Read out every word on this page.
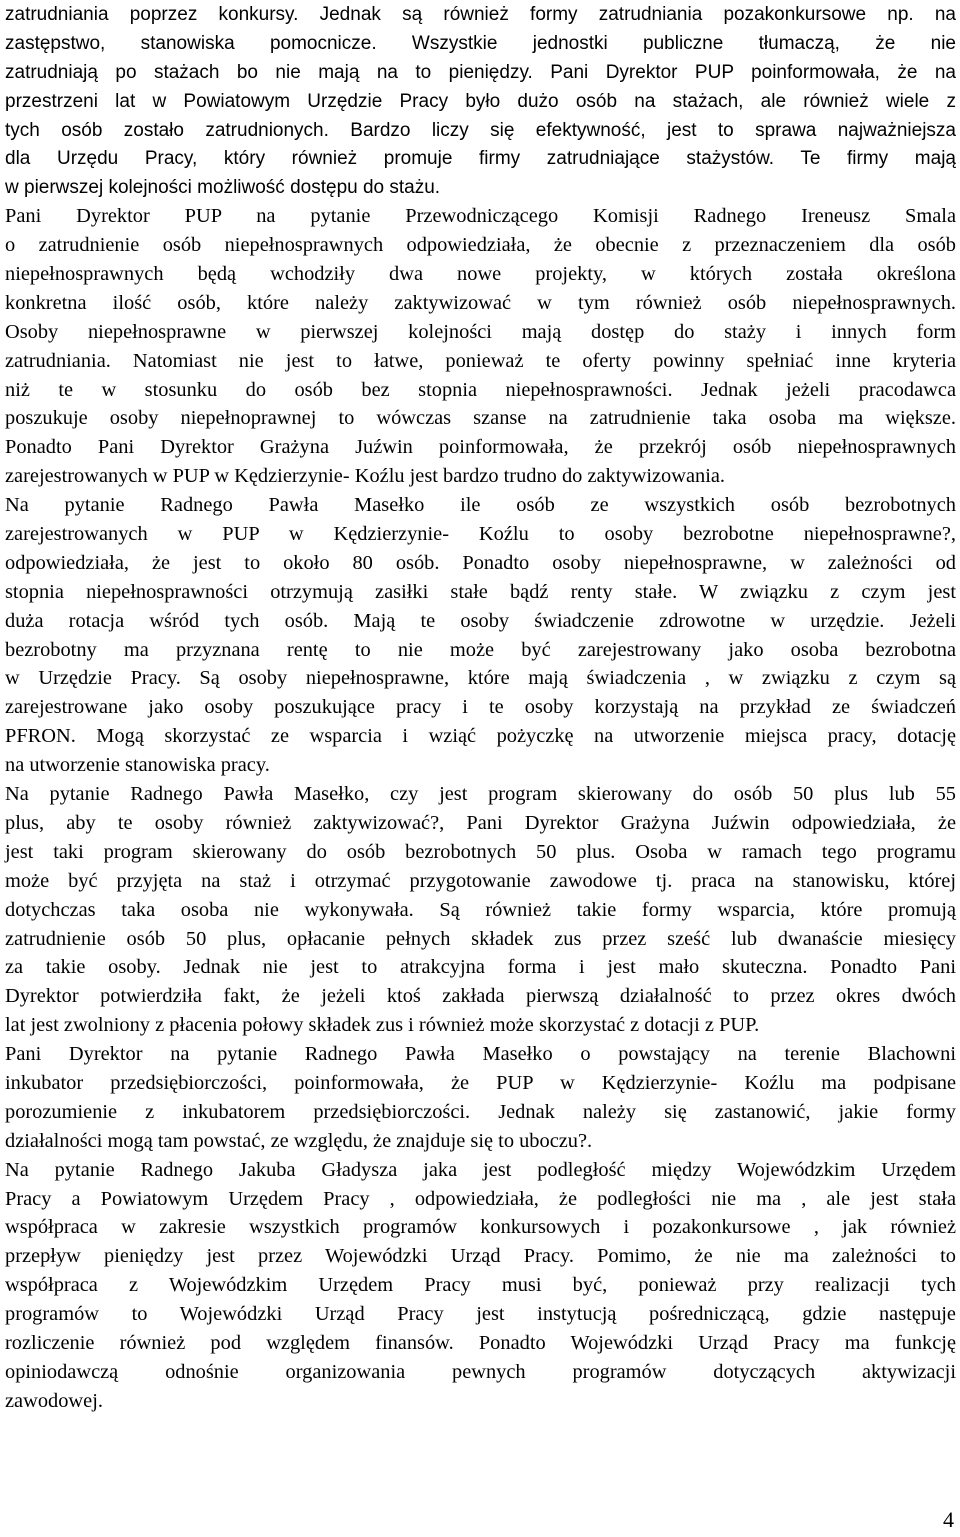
zatrudniania poprzez konkursy. Jednak są również formy zatrudniania pozakonkursowe np. na
zastępstwo, stanowiska pomocnicze. Wszystkie jednostki publiczne tłumaczą, że nie
zatrudniają po stażach bo nie mają na to pieniędzy. Pani Dyrektor PUP poinformowała, że na
przestrzeni lat w Powiatowym Urzędzie Pracy było dużo osób na stażach, ale również wiele z
tych osób zostało zatrudnionych. Bardzo liczy się efektywność, jest to sprawa najważniejsza
dla Urzędu Pracy, który również promuje firmy zatrudniające stażystów. Te firmy mają
w pierwszej kolejności możliwość dostępu do stażu.
Pani Dyrektor PUP na pytanie Przewodniczącego Komisji Radnego Ireneusz Smala
o zatrudnienie osób niepełnosprawnych odpowiedziała, że obecnie z przeznaczeniem dla osób
niepełnosprawnych będą wchodziły dwa nowe projekty, w których została określona
konkretna ilość osób, które należy zaktywizować w tym również osób niepełnosprawnych.
Osoby niepełnosprawne w pierwszej kolejności mają dostęp do staży i innych form
zatrudniania. Natomiast nie jest to łatwe, ponieważ te oferty powinny spełniać inne kryteria
niż te w stosunku do osób bez stopnia niepełnosprawności. Jednak jeżeli pracodawca
poszukuje osoby niepełnoprawnej to wówczas szanse na zatrudnienie taka osoba ma większe.
Ponadto Pani Dyrektor Grażyna Juźwin poinformowała, że przekrój osób niepełnosprawnych
zarejestrowanych w PUP w Kędzierzynie- Koźlu jest bardzo trudno do zaktywizowania.
Na pytanie Radnego Pawła Masełko ile osób ze wszystkich osób bezrobotnych
zarejestrowanych w PUP w Kędzierzynie- Koźlu to osoby bezrobotne niepełnosprawne?,
odpowiedziała, że jest to około 80 osób. Ponadto osoby niepełnosprawne, w zależności od
stopnia niepełnosprawności otrzymują zasiłki stałe bądź renty stałe. W związku z czym jest
duża rotacja wśród tych osób. Mają te osoby świadczenie zdrowotne w urzędzie. Jeżeli
bezrobotny ma przyznana rentę to nie może być zarejestrowany jako osoba bezrobotna
w Urzędzie Pracy. Są osoby niepełnosprawne, które mają świadczenia , w związku z czym są
zarejestrowane jako osoby poszukujące pracy i te osoby korzystają na przykład ze świadczeń
PFRON. Mogą skorzystać ze wsparcia i wziąć pożyczkę na utworzenie miejsca pracy, dotację
na utworzenie stanowiska pracy.
Na pytanie Radnego Pawła Masełko, czy jest program skierowany do osób 50 plus lub 55
plus, aby te osoby również zaktywizować?, Pani Dyrektor Grażyna Juźwin odpowiedziała, że
jest taki program skierowany do osób bezrobotnych 50 plus. Osoba w ramach tego programu
może być przyjęta na staż i otrzymać przygotowanie zawodowe tj. praca na stanowisku, której
dotychczas taka osoba nie wykonywała. Są również takie formy wsparcia, które promują
zatrudnienie osób 50 plus, opłacanie pełnych składek zus przez sześć lub dwanaście miesięcy
za takie osoby. Jednak nie jest to atrakcyjna forma i jest mało skuteczna. Ponadto Pani
Dyrektor potwierdziła fakt, że jeżeli ktoś zakłada pierwszą działalność to przez okres dwóch
lat jest zwolniony z płacenia połowy składek zus i również może skorzystać z dotacji z PUP.
Pani Dyrektor na pytanie Radnego Pawła Masełko o powstający na terenie Blachowni
inkubator przedsiębiorczości, poinformowała, że PUP w Kędzierzynie- Koźlu ma podpisane
porozumienie z inkubatorem przedsiębiorczości. Jednak należy się zastanowić, jakie formy
działalności mogą tam powstać, ze względu, że znajduje się to uboczu?.
Na pytanie Radnego Jakuba Gładysza jaka jest podległość między Wojewódzkim Urzędem
Pracy a Powiatowym Urzędem Pracy , odpowiedziała, że podległości nie ma , ale jest stała
współpraca w zakresie wszystkich programów konkursowych i pozakonkursowe , jak również
przepływ pieniędzy jest przez Wojewódzki Urząd Pracy. Pomimo, że nie ma zależności to
współpraca z Wojewódzkim Urzędem Pracy musi być, ponieważ przy realizacji tych
programów to Wojewódzki Urząd Pracy jest instytucją pośredniczącą, gdzie następuje
rozliczenie również pod względem finansów. Ponadto Wojewódzki Urząd Pracy ma funkcję
opiniodawczą odnośnie organizowania pewnych programów dotyczących aktywizacji
zawodowej.
4
